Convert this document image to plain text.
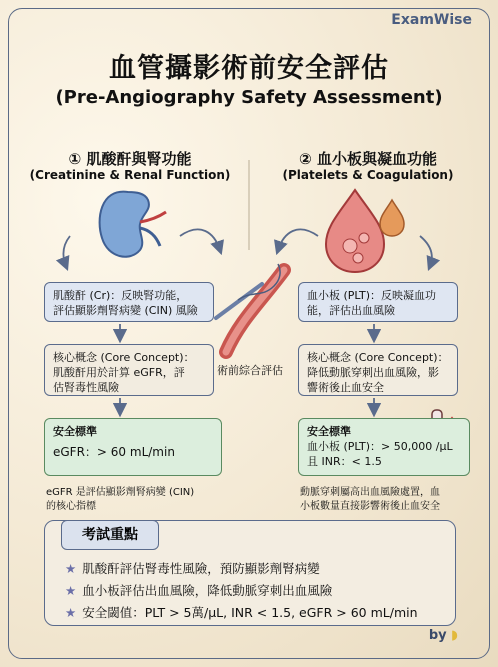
ExamWise
血管攝影術前安全評估
(Pre-Angiography Safety Assessment)
① 肌酸酐與腎功能
(Creatinine & Renal Function)
② 血小板與凝血功能
(Platelets & Coagulation)
肌酸酐 (Cr)：反映腎功能，
評估顯影劑腎病變 (CIN) 風險
核心概念 (Core Concept)：
肌酸酐用於計算 eGFR，評
估腎毒性風險
安全標準
eGFR：> 60 mL/min
eGFR 是評估顯影劑腎病變 (CIN)
的核心指標
術前綜合評估
血小板 (PLT)：反映凝血功
能，評估出血風險
核心概念 (Core Concept)：
降低動脈穿刺出血風險，影
響術後止血安全
安全標準
血小板 (PLT)：> 50,000 /μL
且 INR：< 1.5
動脈穿刺屬高出血風險處置，血
小板數量直接影響術後止血安全
考試重點
★ 肌酸酐評估腎毒性風險，預防顯影劑腎病變
★ 血小板評估出血風險，降低動脈穿刺出血風險
★ 安全閾值：PLT > 5萬/μL, INR < 1.5, eGFR > 60 mL/min
by ◗
